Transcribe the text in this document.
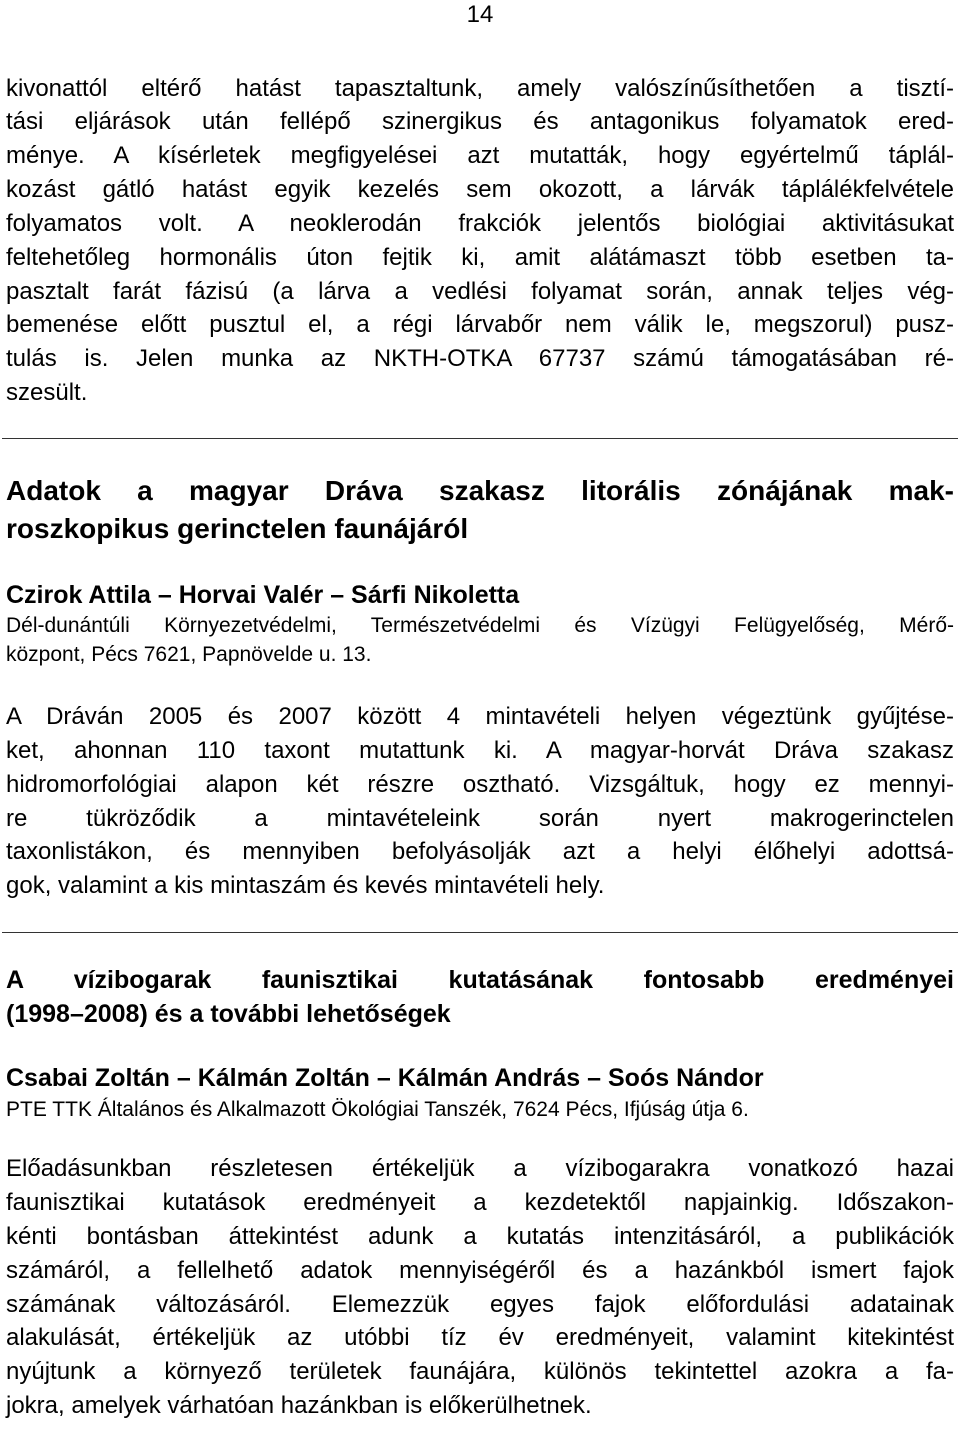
14
kivonattól eltérő hatást tapasztaltunk, amely valószínűsíthetően a tisztí-
tási eljárások után fellépő szinergikus és antagonikus folyamatok ered-
ménye. A kísérletek megfigyelései azt mutatták, hogy egyértelmű táplál-
kozást gátló hatást egyik kezelés sem okozott, a lárvák táplálékfelvétele
folyamatos volt. A neoklerodán frakciók jelentős biológiai aktivitásukat
feltehetőleg hormonális úton fejtik ki, amit alátámaszt több esetben ta-
pasztalt farát fázisú (a lárva a vedlési folyamat során, annak teljes vég-
bemenése előtt pusztul el, a régi lárvabőr nem válik le, megszorul) pusz-
tulás is. Jelen munka az NKTH-OTKA 67737 számú támogatásában ré-
szesült.
Adatok a magyar Dráva szakasz litorális zónájának mak-
roszkopikus gerinctelen faunájáról
Czirok Attila – Horvai Valér – Sárfi Nikoletta
Dél-dunántúli Környezetvédelmi, Természetvédelmi és Vízügyi Felügyelőség, Mérő-
központ, Pécs 7621, Papnövelde u. 13.
A Dráván 2005 és 2007 között 4 mintavételi helyen végeztünk gyűjtése-
ket, ahonnan 110 taxont mutattunk ki. A magyar-horvát Dráva szakasz
hidromorfológiai alapon két részre osztható. Vizsgáltuk, hogy ez mennyi-
re tükröződik a mintavételeink során nyert makrogerinctelen
taxonlistákon, és mennyiben befolyásolják azt a helyi élőhelyi adottsá-
gok, valamint a kis mintaszám és kevés mintavételi hely.
A vízibogarak faunisztikai kutatásának fontosabb eredményei
(1998–2008) és a további lehetőségek
Csabai Zoltán – Kálmán Zoltán – Kálmán András – Soós Nándor
PTE TTK Általános és Alkalmazott Ökológiai Tanszék, 7624 Pécs, Ifjúság útja 6.
Előadásunkban részletesen értékeljük a vízibogarakra vonatkozó hazai
faunisztikai kutatások eredményeit a kezdetektől napjainkig. Időszakon-
kénti bontásban áttekintést adunk a kutatás intenzitásáról, a publikációk
számáról, a fellelhető adatok mennyiségéről és a hazánkból ismert fajok
számának változásáról. Elemezzük egyes fajok előfordulási adatainak
alakulását, értékeljük az utóbbi tíz év eredményeit, valamint kitekintést
nyújtunk a környező területek faunájára, különös tekintettel azokra a fa-
jokra, amelyek várhatóan hazánkban is előkerülhetnek.
